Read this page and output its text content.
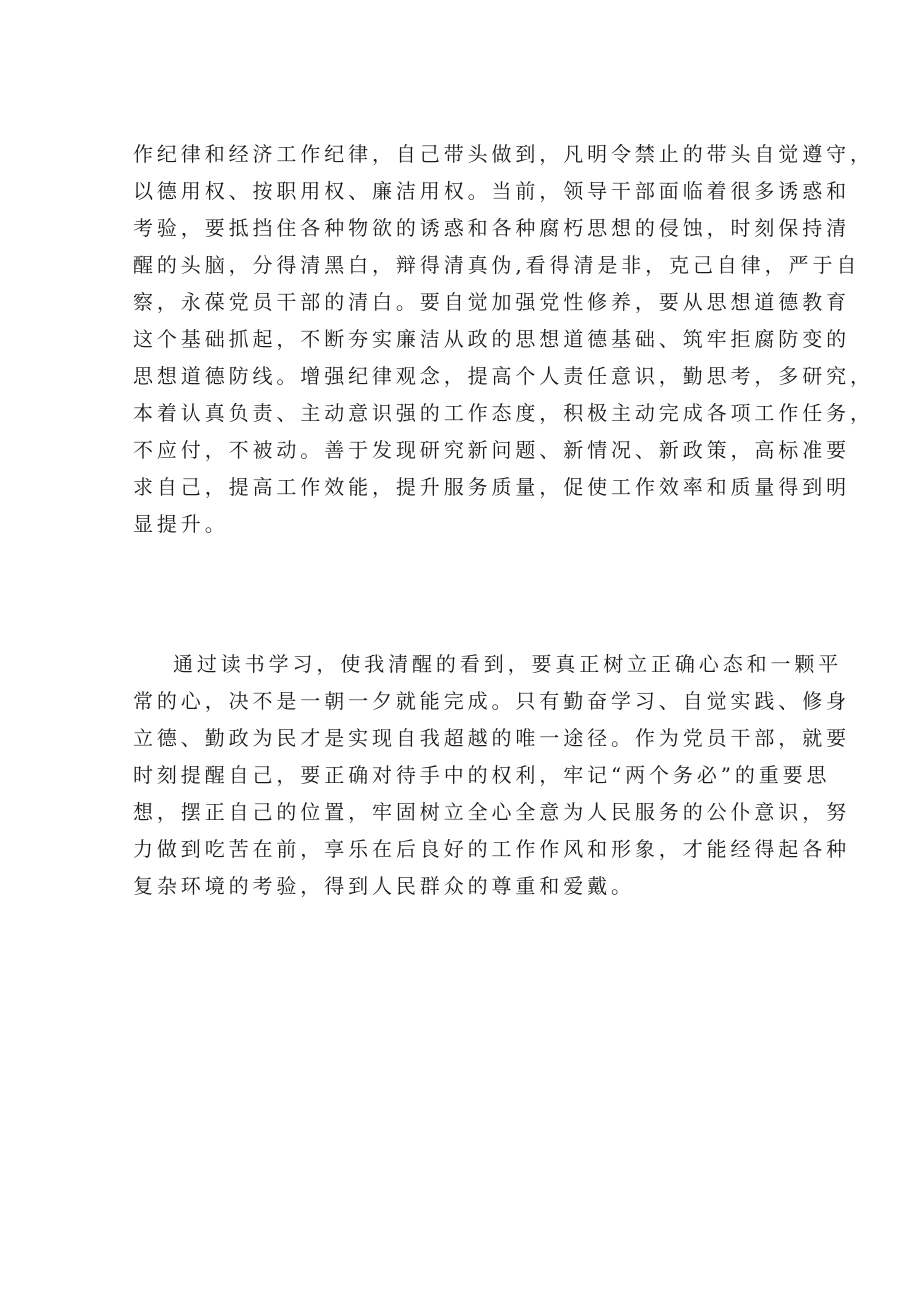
作纪律和经济工作纪律，自己带头做到，凡明令禁止的带头自觉遵守，
以德用权、按职用权、廉洁用权。当前，领导干部面临着很多诱惑和
考验，要抵挡住各种物欲的诱惑和各种腐朽思想的侵蚀，时刻保持清
醒的头脑，分得清黑白，辩得清真伪,看得清是非，克己自律，严于自
察，永葆党员干部的清白。要自觉加强党性修养，要从思想道德教育
这个基础抓起，不断夯实廉洁从政的思想道德基础、筑牢拒腐防变的
思想道德防线。增强纪律观念，提高个人责任意识，勤思考，多研究，
本着认真负责、主动意识强的工作态度，积极主动完成各项工作任务，
不应付，不被动。善于发现研究新问题、新情况、新政策，高标准要
求自己，提高工作效能，提升服务质量，促使工作效率和质量得到明
显提升。
通过读书学习，使我清醒的看到，要真正树立正确心态和一颗平
常的心，决不是一朝一夕就能完成。只有勤奋学习、自觉实践、修身
立德、勤政为民才是实现自我超越的唯一途径。作为党员干部，就要
时刻提醒自己，要正确对待手中的权利，牢记“两个务必”的重要思
想，摆正自己的位置，牢固树立全心全意为人民服务的公仆意识，努
力做到吃苦在前，享乐在后良好的工作作风和形象，才能经得起各种
复杂环境的考验，得到人民群众的尊重和爱戴。
